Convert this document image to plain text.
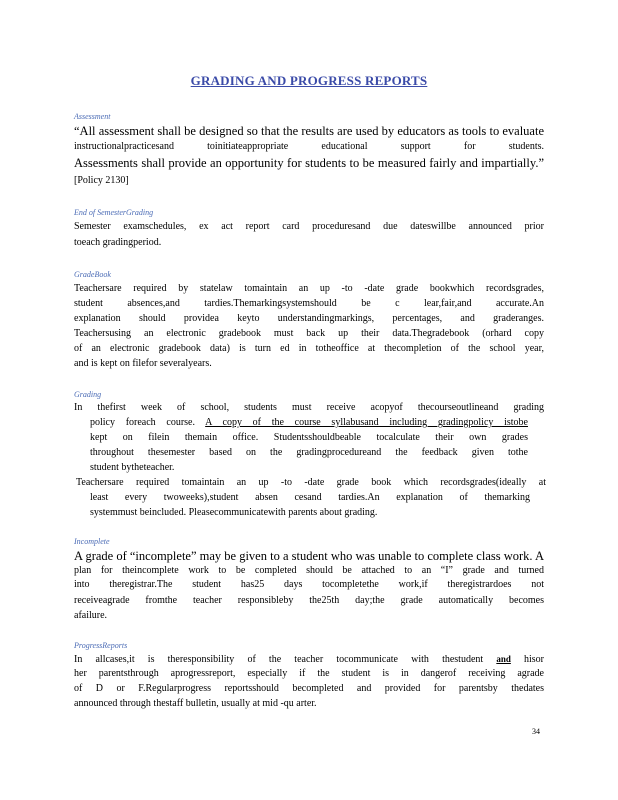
GRADING AND PROGRESS REPORTS
Assessment
“All assessment shall be designed so that the results are used by educators as tools to evaluate
instructionalpracticesand toinitiateappropriate educational support for students.
Assessments shall provide an opportunity for students to be measured fairly and impartially.”
[Policy 2130]
End of SemesterGrading
Semester examschedules, ex act report card proceduresand due dateswillbe announced prior
toeach gradingperiod.
GradeBook
Teachersare required by statelaw tomaintain an up -to -date grade bookwhich recordsgrades,
student absences,and tardies.Themarkingsystemshould be c lear,fair,and accurate.An
explanation should providea keyto understandingmarkings, percentages, and graderanges.
Teachersusing an electronic gradebook must back up their data.Thegradebook (orhard copy
of an electronic gradebook data) is turn ed in totheoffice at thecompletion of the school year,
and is kept on filefor severalyears.
Grading
In thefirst week of school, students must receive acopyof thecourseoutlineand grading
policy foreach course. A copy of the course syllabusand including gradingpolicy istobe
kept on filein themain office. Studentsshouldbeable tocalculate their own grades
throughout thesemester based on the gradingprocedureand the feedback given tothe
student bytheteacher.
Teachersare required tomaintain an up -to -date grade book which recordsgrades(ideally at
least every twoweeks),student absen cesand tardies.An explanation of themarking
systemmust beincluded. Pleasecommunicatewith parents about grading.
Incomplete
A grade of “incomplete” may be given to a student who was unable to complete class work. A
plan for theincomplete work to be completed should be attached to an “I” grade and turned
into theregistrar.The student has25 days tocompletethe work,if theregistrardoes not
receiveagrade fromthe teacher responsibleby the25th day;the grade automatically becomes
afailure.
ProgressReports
In allcases,it is theresponsibility of the teacher tocommunicate with thestudent and hisor
her parentsthrough aprogressreport, especially if the student is in dangerof receiving agrade
of D or F.Regularprogress reportsshould becompleted and provided for parentsby thedates
announced through thestaff bulletin, usually at mid -qu arter.
34
